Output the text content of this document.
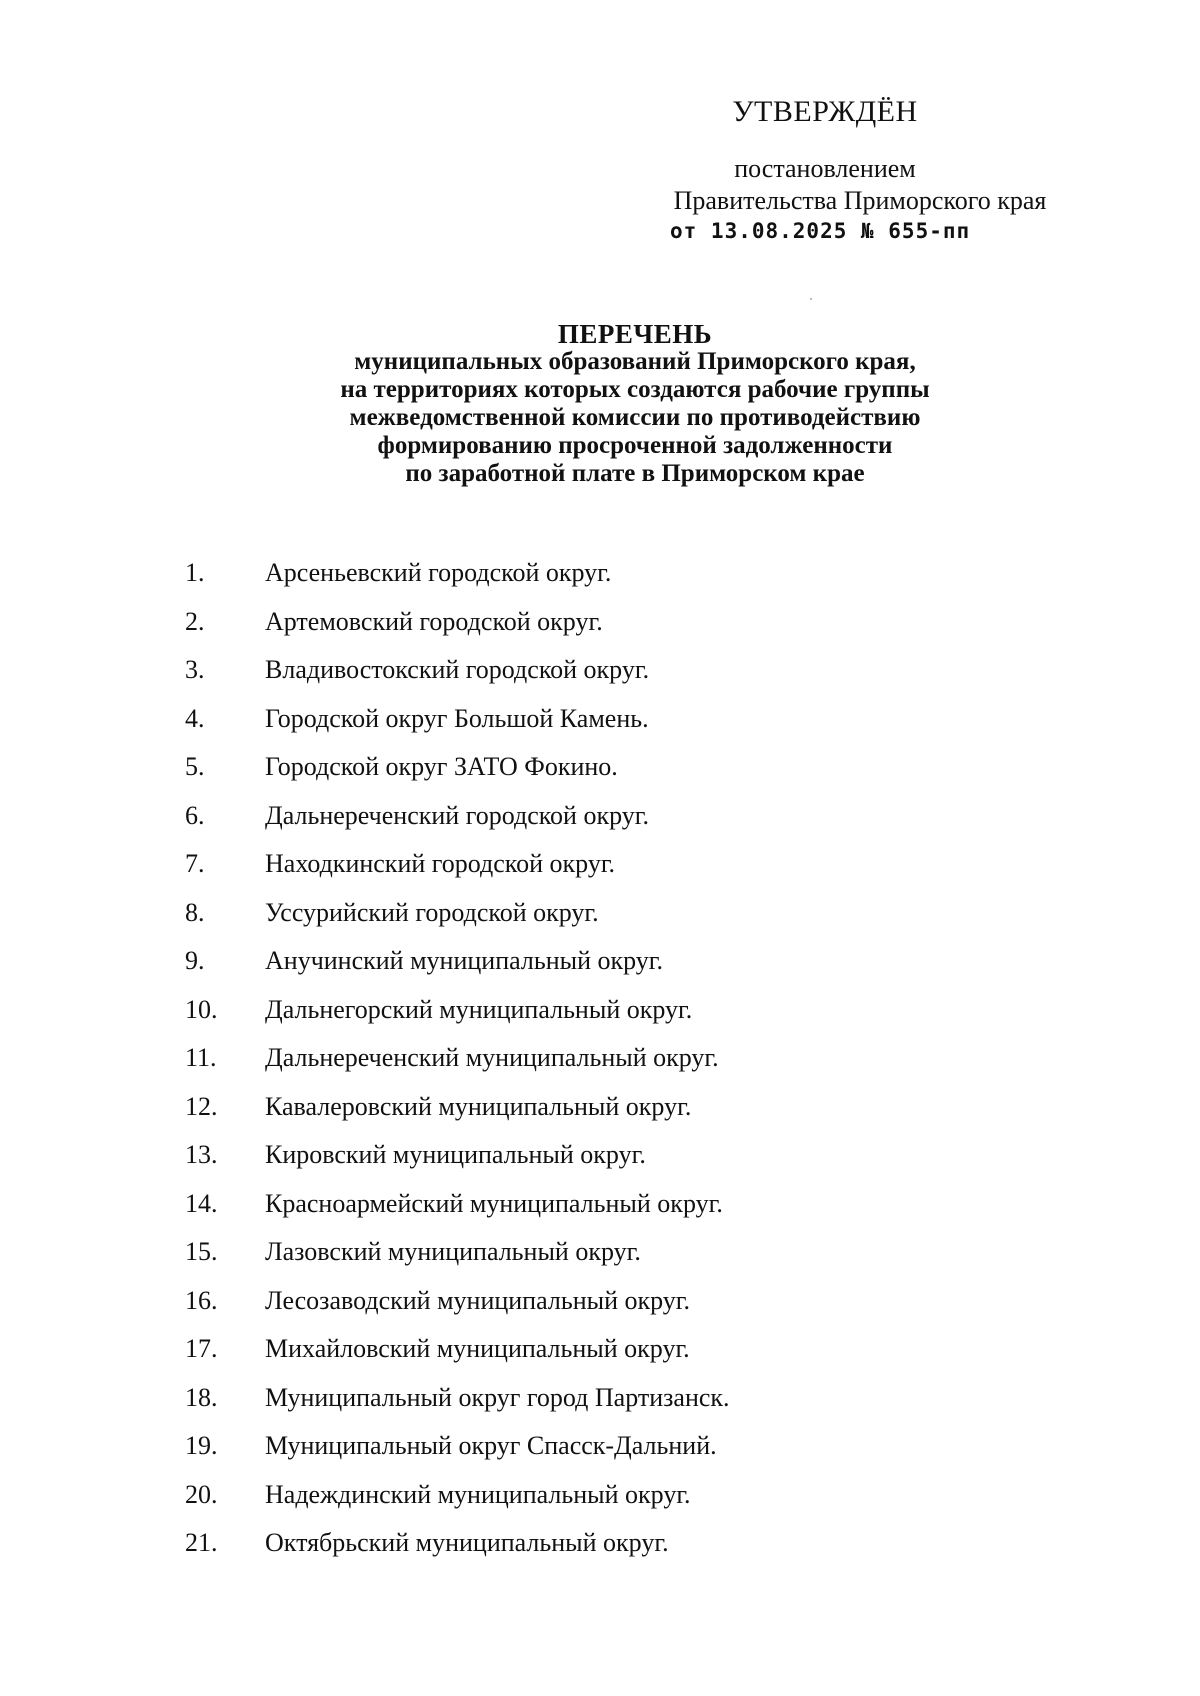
УТВЕРЖДЁН
постановлением
Правительства Приморского края
от 13.08.2025 № 655-пп
ПЕРЕЧЕНЬ
муниципальных образований Приморского края,
на территориях которых создаются рабочие группы
межведомственной комиссии по противодействию
формированию просроченной задолженности
по заработной плате в Приморском крае
1.	Арсеньевский городской округ.
2.	Артемовский городской округ.
3.	Владивостокский городской округ.
4.	Городской округ Большой Камень.
5.	Городской округ ЗАТО Фокино.
6.	Дальнереченский городской округ.
7.	Находкинский городской округ.
8.	Уссурийский городской округ.
9.	Анучинский муниципальный округ.
10.	Дальнегорский муниципальный округ.
11.	Дальнереченский муниципальный округ.
12.	Кавалеровский муниципальный округ.
13.	Кировский муниципальный округ.
14.	Красноармейский муниципальный округ.
15.	Лазовский муниципальный округ.
16.	Лесозаводский муниципальный округ.
17.	Михайловский муниципальный округ.
18.	Муниципальный округ город Партизанск.
19.	Муниципальный округ Спасск-Дальний.
20.	Надеждинский муниципальный округ.
21.	Октябрьский муниципальный округ.
